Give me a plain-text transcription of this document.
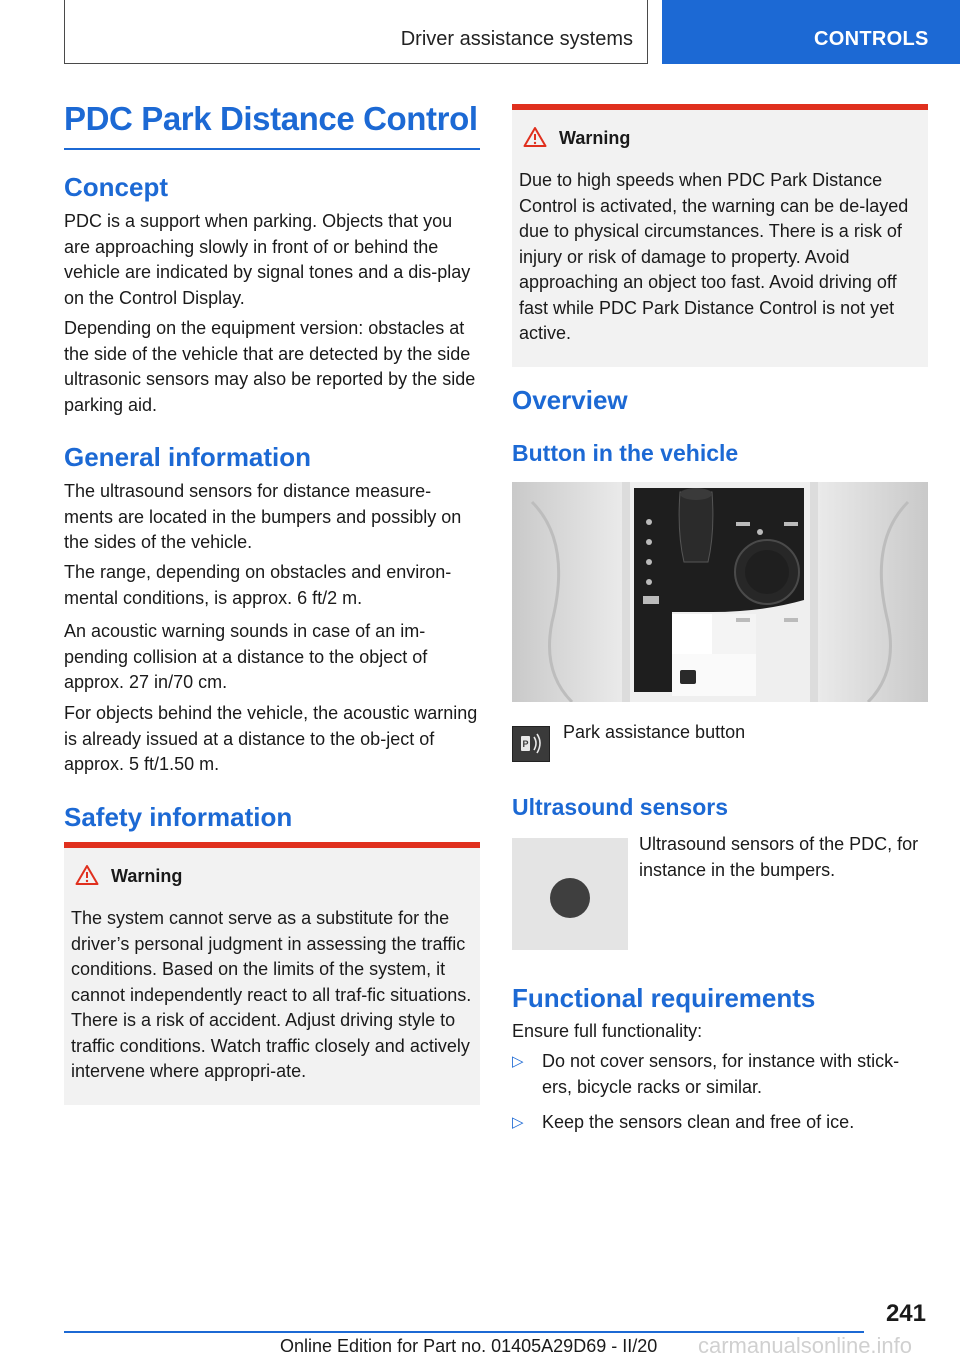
Driver assistance systems	CONTROLS
PDC Park Distance Control
Concept

PDC is a support when parking. Objects that you are approaching slowly in front of or behind the vehicle are indicated by signal tones and a dis-play on the Control Display.

Depending on the equipment version: obstacles at the side of the vehicle that are detected by the side ultrasonic sensors may also be reported by the side parking aid.

General information

The ultrasound sensors for distance measure-ments are located in the bumpers and possibly on the sides of the vehicle.

The range, depending on obstacles and environ-mental conditions, is approx. 6 ft/2 m.

An acoustic warning sounds in case of an im-pending collision at a distance to the object of approx. 27 in/70 cm.

For objects behind the vehicle, the acoustic warning is already issued at a distance to the ob-ject of approx. 5 ft/1.50 m.

Safety information
Warning

The system cannot serve as a substitute for the driver’s personal judgment in assessing the traffic conditions. Based on the limits of the system, it cannot independently react to all traf-fic situations. There is a risk of accident. Adjust driving style to traffic conditions. Watch traffic closely and actively intervene where appropri-ate.

Warning

Due to high speeds when PDC Park Distance Control is activated, the warning can be de-layed due to physical circumstances. There is a risk of injury or risk of damage to property. Avoid approaching an object too fast. Avoid driving off fast while PDC Park Distance Control is not yet active.

Overview
Button in the vehicle
P

Park assistance button

Ultrasound sensors

Ultrasound sensors of the PDC, for instance in the bumpers.

Functional requirements

Ensure full functionality:

▷ Do not cover sensors, for instance with stick-ers, bicycle racks or similar.
▷ Keep the sensors clean and free of ice.
241
Online Edition for Part no. 01405A29D69 - II/20 carmanualsonline.info
